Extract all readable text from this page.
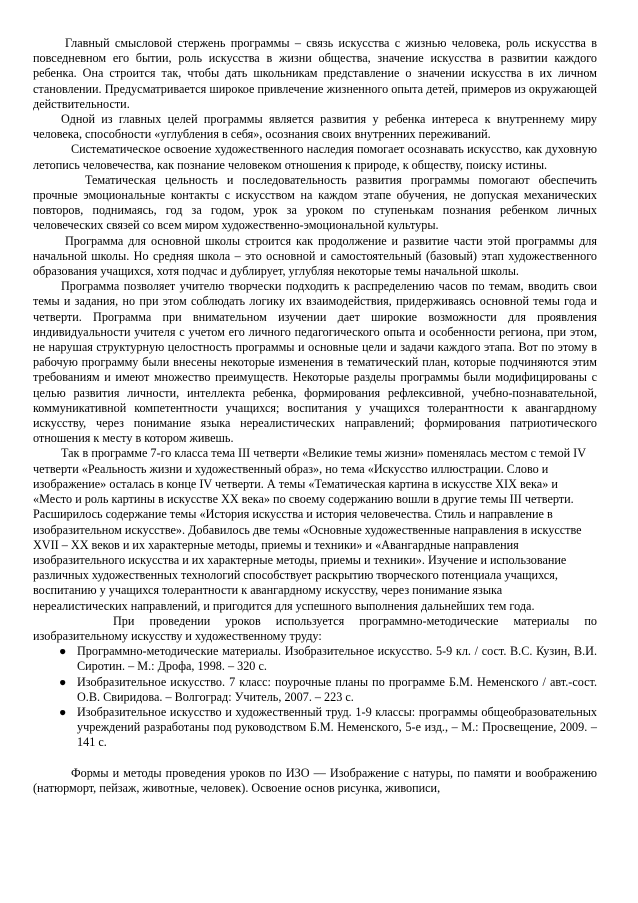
Главный смысловой стержень программы – связь искусства с жизнью человека, роль искусства в повседневном его бытии, роль искусства в жизни общества, значение искусства в развитии каждого ребенка. Она строится так, чтобы дать школьникам представление о значении искусства в их личном становлении. Предусматривается широкое привлечение жизненного опыта детей, примеров из окружающей действительности.

Одной из главных целей программы является развития у ребенка интереса к внутреннему миру человека, способности «углубления в себя», осознания своих внутренних переживаний.

Систематическое освоение художественного наследия помогает осознавать искусство, как духовную летопись человечества, как познание человеком отношения к природе, к обществу, поиску истины.

Тематическая цельность и последовательность развития программы помогают обеспечить прочные эмоциональные контакты с искусством на каждом этапе обучения, не допуская механических повторов, поднимаясь, год за годом, урок за уроком по ступенькам познания ребенком личных человеческих связей со всем миром художественно-эмоциональной культуры.

Программа для основной школы строится как продолжение и развитие части этой программы для начальной школы. Но средняя школа – это основной и самостоятельный (базовый) этап художественного образования учащихся, хотя подчас и дублирует, углубляя некоторые темы начальной школы.

Программа позволяет учителю творчески подходить к распределению часов по темам, вводить свои темы и задания, но при этом соблюдать логику их взаимодействия, придерживаясь основной темы года и четверти. Программа при внимательном изучении дает широкие возможности для проявления индивидуальности учителя с учетом его личного педагогического опыта и особенности региона, при этом, не нарушая структурную целостность программы и основные цели и задачи каждого этапа. Вот по этому в рабочую программу были внесены некоторые изменения в тематический план, которые подчиняются этим требованиям и имеют множество преимуществ. Некоторые разделы программы были модифицированы с целью развития личности, интеллекта ребенка, формирования рефлексивной, учебно-познавательной, коммуникативной компетентности учащихся; воспитания у учащихся толерантности к авангардному искусству, через понимание языка нереалистических направлений; формирования патриотического отношения к месту в котором живешь.

Так в программе 7-го класса тема III четверти «Великие темы жизни» поменялась местом с темой IV четверти «Реальность жизни и художественный образ», но тема «Искусство иллюстрации. Слово и изображение» осталась в конце IV четверти. А темы «Тематическая картина в искусстве XIX века» и «Место и роль картины в искусстве XX века» по своему содержанию вошли в другие темы III четверти. Расширилось содержание темы «История искусства и история человечества. Стиль и направление в изобразительном искусстве». Добавилось две темы «Основные художественные направления в искусстве XVII – XX веков и их характерные методы, приемы и техники» и «Авангардные направления изобразительного искусства и их характерные методы, приемы и техники». Изучение и использование различных художественных технологий способствует раскрытию творческого потенциала учащихся, воспитанию у учащихся толерантности к авангардному искусству, через понимание языка нереалистических направлений, и пригодится для успешного выполнения дальнейших тем года.

При проведении уроков используется программно-методические материалы по изобразительному искусству и художественному труду:

● Программно-методические материалы. Изобразительное искусство. 5-9 кл. / сост. В.С. Кузин, В.И. Сиротин. – М.: Дрофа, 1998. – 320 с.
● Изобразительное искусство. 7 класс: поурочные планы по программе Б.М. Неменского / авт.-сост. О.В. Свиридова. – Волгоград: Учитель, 2007. – 223 с.
● Изобразительное искусство и художественный труд. 1-9 классы: программы общеобразовательных учреждений разработаны под руководством Б.М. Неменского, 5-е изд., – М.: Просвещение, 2009. – 141 с.

Формы и методы проведения уроков по ИЗО — Изображение с натуры, по памяти и воображению (натюрморт, пейзаж, животные, человек). Освоение основ рисунка, живописи,
